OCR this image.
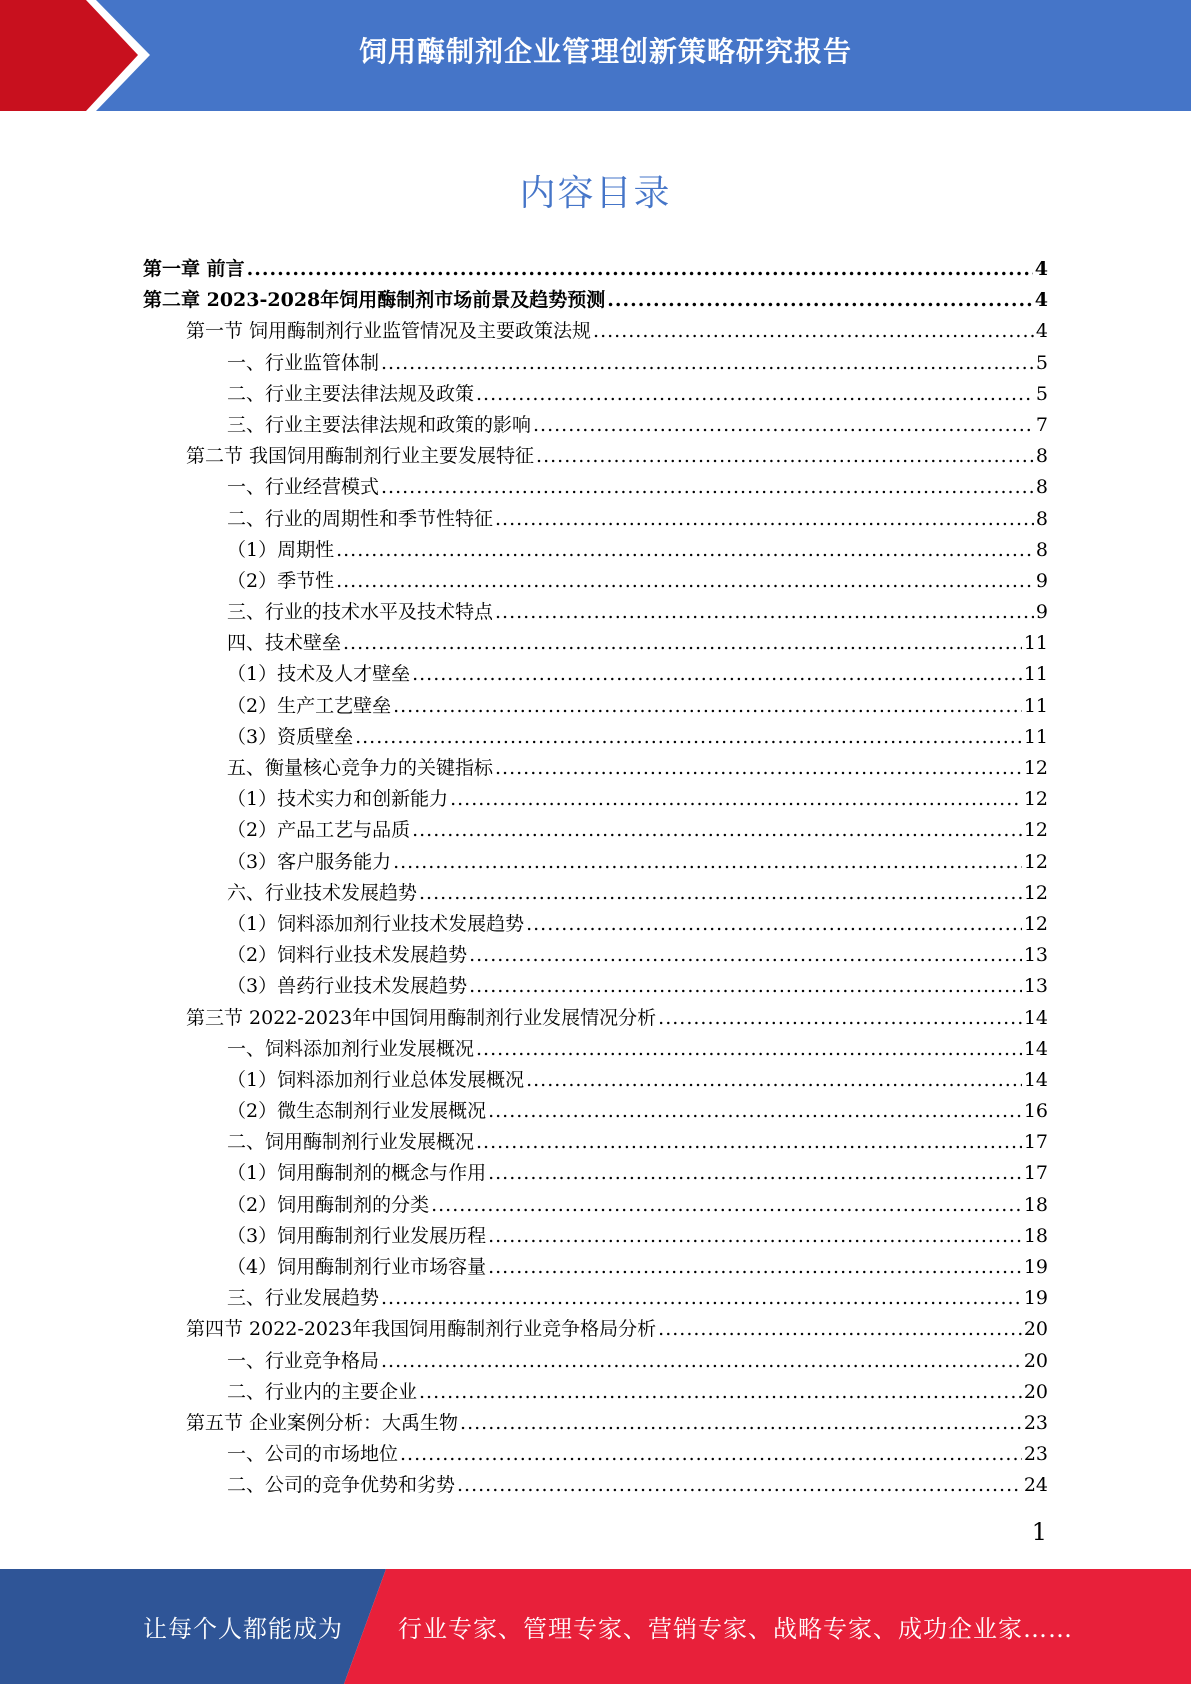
饲用酶制剂企业管理创新策略研究报告
内容目录
第一章 前言 .....	4
第二章 2023-2028年饲用酶制剂市场前景及趋势预测 .....	4
第一节 饲用酶制剂行业监管情况及主要政策法规 .....	4
一、行业监管体制 .....	5
二、行业主要法律法规及政策 .....	5
三、行业主要法律法规和政策的影响 .....	7
第二节 我国饲用酶制剂行业主要发展特征 .....	8
一、行业经营模式 .....	8
二、行业的周期性和季节性特征 .....	8
（1）周期性 .....	8
（2）季节性 .....	9
三、行业的技术水平及技术特点 .....	9
四、技术壁垒 .....	11
（1）技术及人才壁垒 .....	11
（2）生产工艺壁垒 .....	11
（3）资质壁垒 .....	11
五、衡量核心竞争力的关键指标 .....	12
（1）技术实力和创新能力 .....	12
（2）产品工艺与品质 .....	12
（3）客户服务能力 .....	12
六、行业技术发展趋势 .....	12
（1）饲料添加剂行业技术发展趋势 .....	12
（2）饲料行业技术发展趋势 .....	13
（3）兽药行业技术发展趋势 .....	13
第三节 2022-2023年中国饲用酶制剂行业发展情况分析 .....	14
一、饲料添加剂行业发展概况 .....	14
（1）饲料添加剂行业总体发展概况 .....	14
（2）微生态制剂行业发展概况 .....	16
二、饲用酶制剂行业发展概况 .....	17
（1）饲用酶制剂的概念与作用 .....	17
（2）饲用酶制剂的分类 .....	18
（3）饲用酶制剂行业发展历程 .....	18
（4）饲用酶制剂行业市场容量 .....	19
三、行业发展趋势 .....	19
第四节 2022-2023年我国饲用酶制剂行业竞争格局分析 .....	20
一、行业竞争格局 .....	20
二、行业内的主要企业 .....	20
第五节 企业案例分析：大禹生物 .....	23
一、公司的市场地位 .....	23
二、公司的竞争优势和劣势 .....	24
1
让每个人都能成为 行业专家、管理专家、营销专家、战略专家、成功企业家……
